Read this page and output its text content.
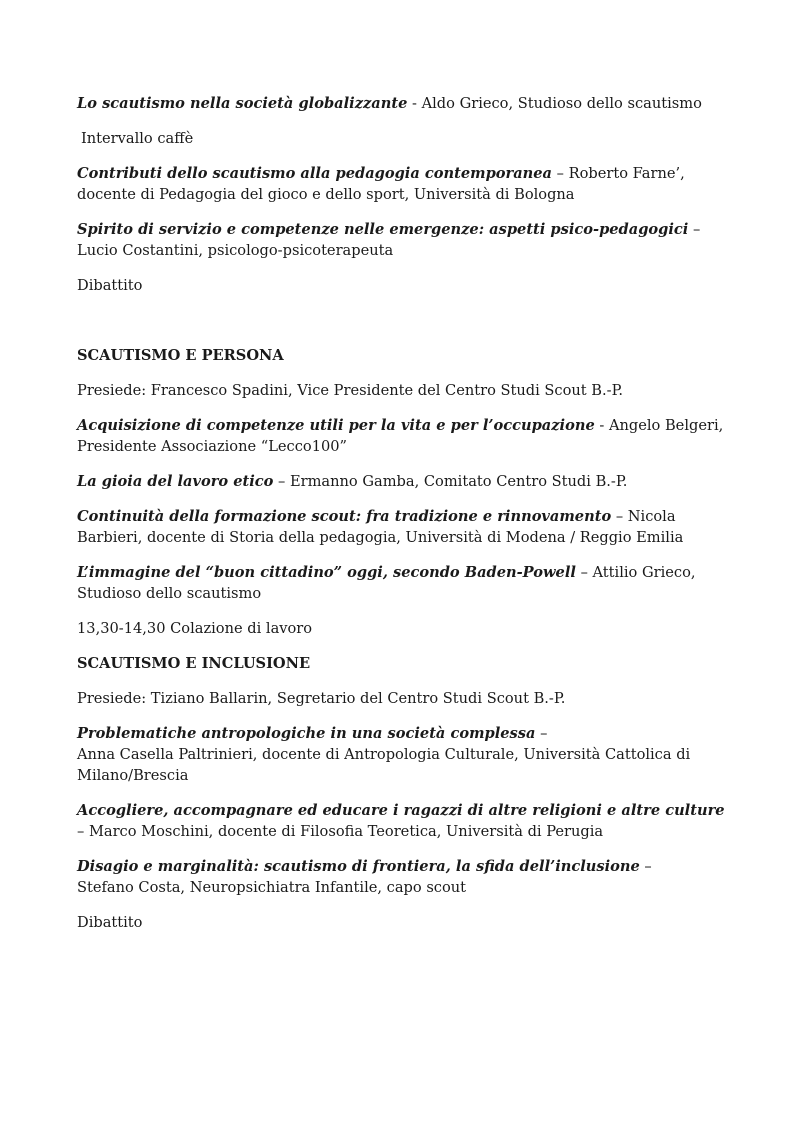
Lo scautismo nella società globalizzante - Aldo Grieco, Studioso dello scautismo

Intervallo caffè

Contributi dello scautismo alla pedagogia contemporanea – Roberto Farne’, docente di Pedagogia del gioco e dello sport, Università di Bologna

Spirito di servizio e competenze nelle emergenze: aspetti psico-pedagogici –
Lucio Costantini, psicologo-psicoterapeuta

Dibattito

SCAUTISMO E PERSONA

Presiede: Francesco Spadini, Vice Presidente del Centro Studi Scout B.-P.

Acquisizione di competenze utili per la vita e per l’occupazione - Angelo Belgeri, Presidente Associazione “Lecco100”

La gioia del lavoro etico – Ermanno Gamba, Comitato Centro Studi B.-P.

Continuità della formazione scout: fra tradizione e rinnovamento – Nicola Barbieri, docente di Storia della pedagogia, Università di Modena / Reggio Emilia

L’immagine del “buon cittadino” oggi, secondo Baden-Powell – Attilio Grieco, Studioso dello scautismo

13,30-14,30 Colazione di lavoro

SCAUTISMO E INCLUSIONE

Presiede: Tiziano Ballarin, Segretario del Centro Studi Scout B.-P.

Problematiche antropologiche in una società complessa –
Anna Casella Paltrinieri, docente di Antropologia Culturale, Università Cattolica di Milano/Brescia

Accogliere, accompagnare ed educare i ragazzi di altre religioni e altre culture – Marco Moschini, docente di Filosofia Teoretica, Università di Perugia

Disagio e marginalità: scautismo di frontiera, la sfida dell’inclusione –
Stefano Costa, Neuropsichiatra Infantile, capo scout

Dibattito
